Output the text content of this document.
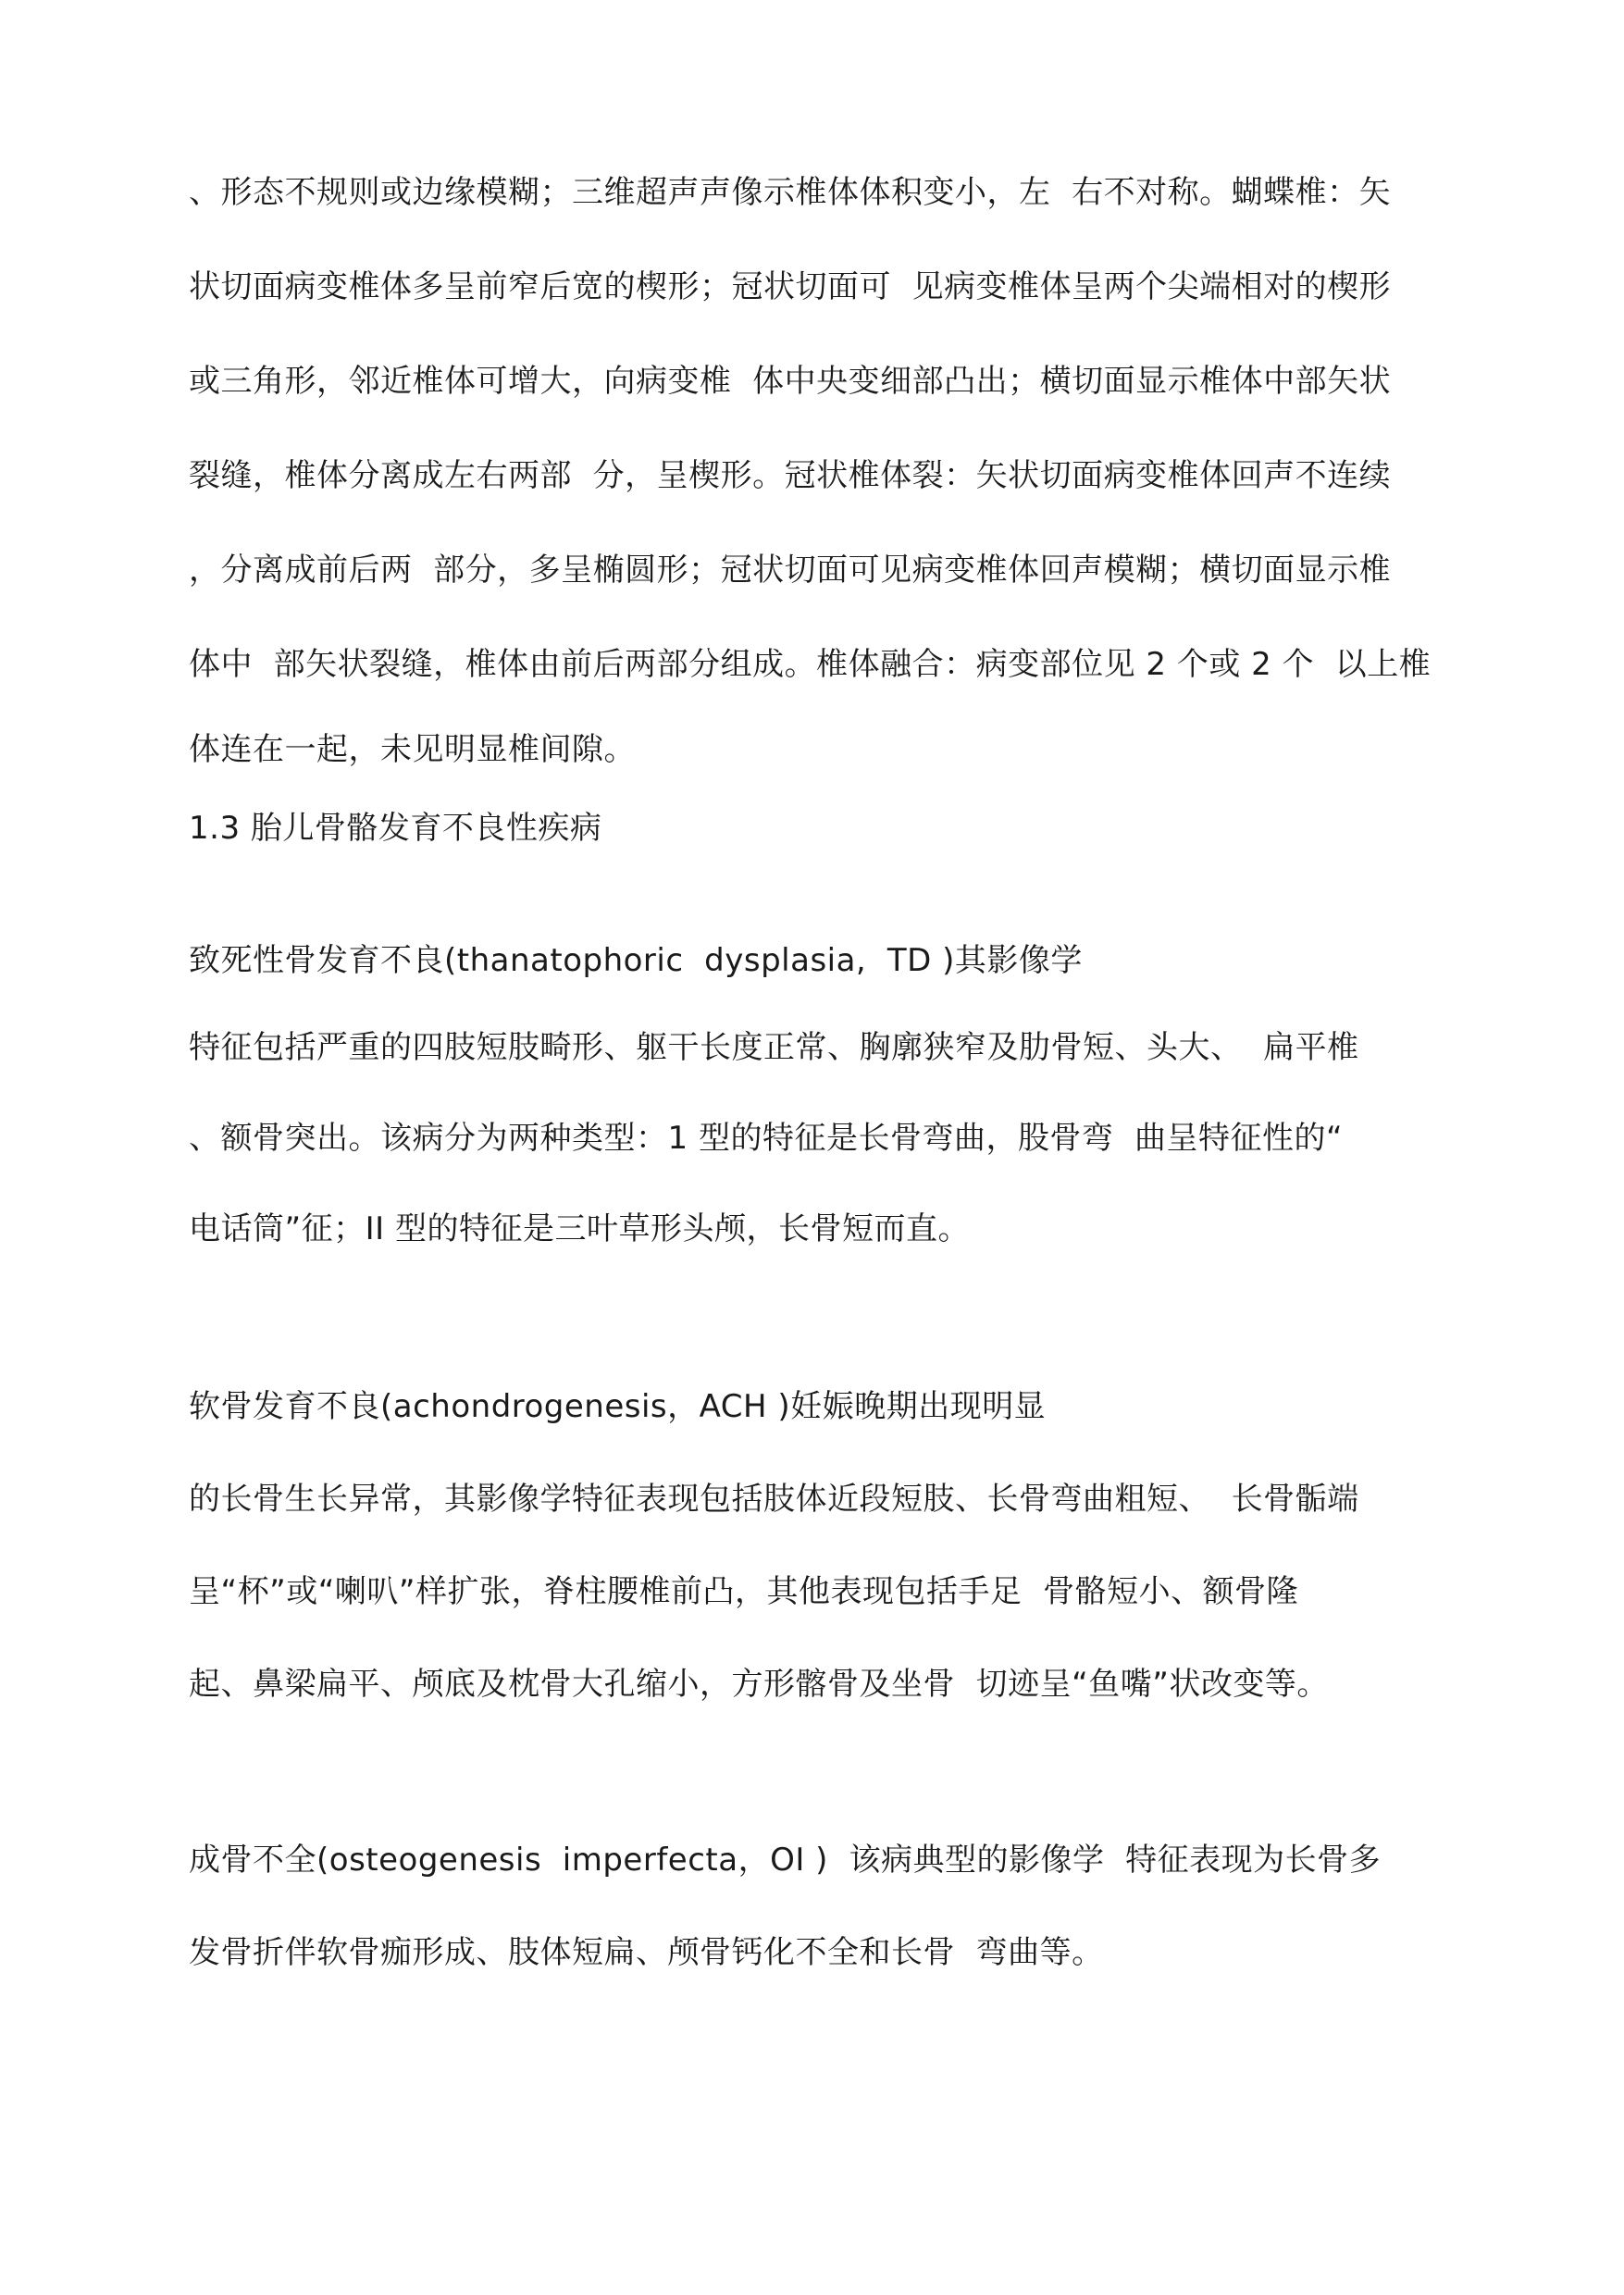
、形态不规则或边缘模糊；三维超声声像示椎体体积变小，左  右不对称。蝴蝶椎：矢
状切面病变椎体多呈前窄后宽的楔形；冠状切面可  见病变椎体呈两个尖端相对的楔形
或三角形，邻近椎体可增大，向病变椎  体中央变细部凸出；横切面显示椎体中部矢状
裂缝，椎体分离成左右两部  分，呈楔形。冠状椎体裂：矢状切面病变椎体回声不连续
，分离成前后两  部分，多呈椭圆形；冠状切面可见病变椎体回声模糊；横切面显示椎
体中  部矢状裂缝，椎体由前后两部分组成。椎体融合：病变部位见 2 个或 2 个  以上椎
体连在一起，未见明显椎间隙。
1.3 胎儿骨骼发育不良性疾病
致死性骨发育不良(thanatophoric  dysplasia,  TD )其影像学
特征包括严重的四肢短肢畸形、躯干长度正常、胸廓狭窄及肋骨短、头大、  扁平椎
、额骨突出。该病分为两种类型：1 型的特征是长骨弯曲，股骨弯  曲呈特征性的“
电话筒”征；II 型的特征是三叶草形头颅，长骨短而直。
软骨发育不良(achondrogenesis，ACH )妊娠晚期出现明显
的长骨生长异常，其影像学特征表现包括肢体近段短肢、长骨弯曲粗短、  长骨骺端
呈“杯”或“喇叭”样扩张，脊柱腰椎前凸，其他表现包括手足  骨骼短小、额骨隆
起、鼻梁扁平、颅底及枕骨大孔缩小，方形髂骨及坐骨  切迹呈“鱼嘴”状改变等。
成骨不全(osteogenesis  imperfecta，OI )  该病典型的影像学  特征表现为长骨多
发骨折伴软骨痂形成、肢体短扁、颅骨钙化不全和长骨  弯曲等。
